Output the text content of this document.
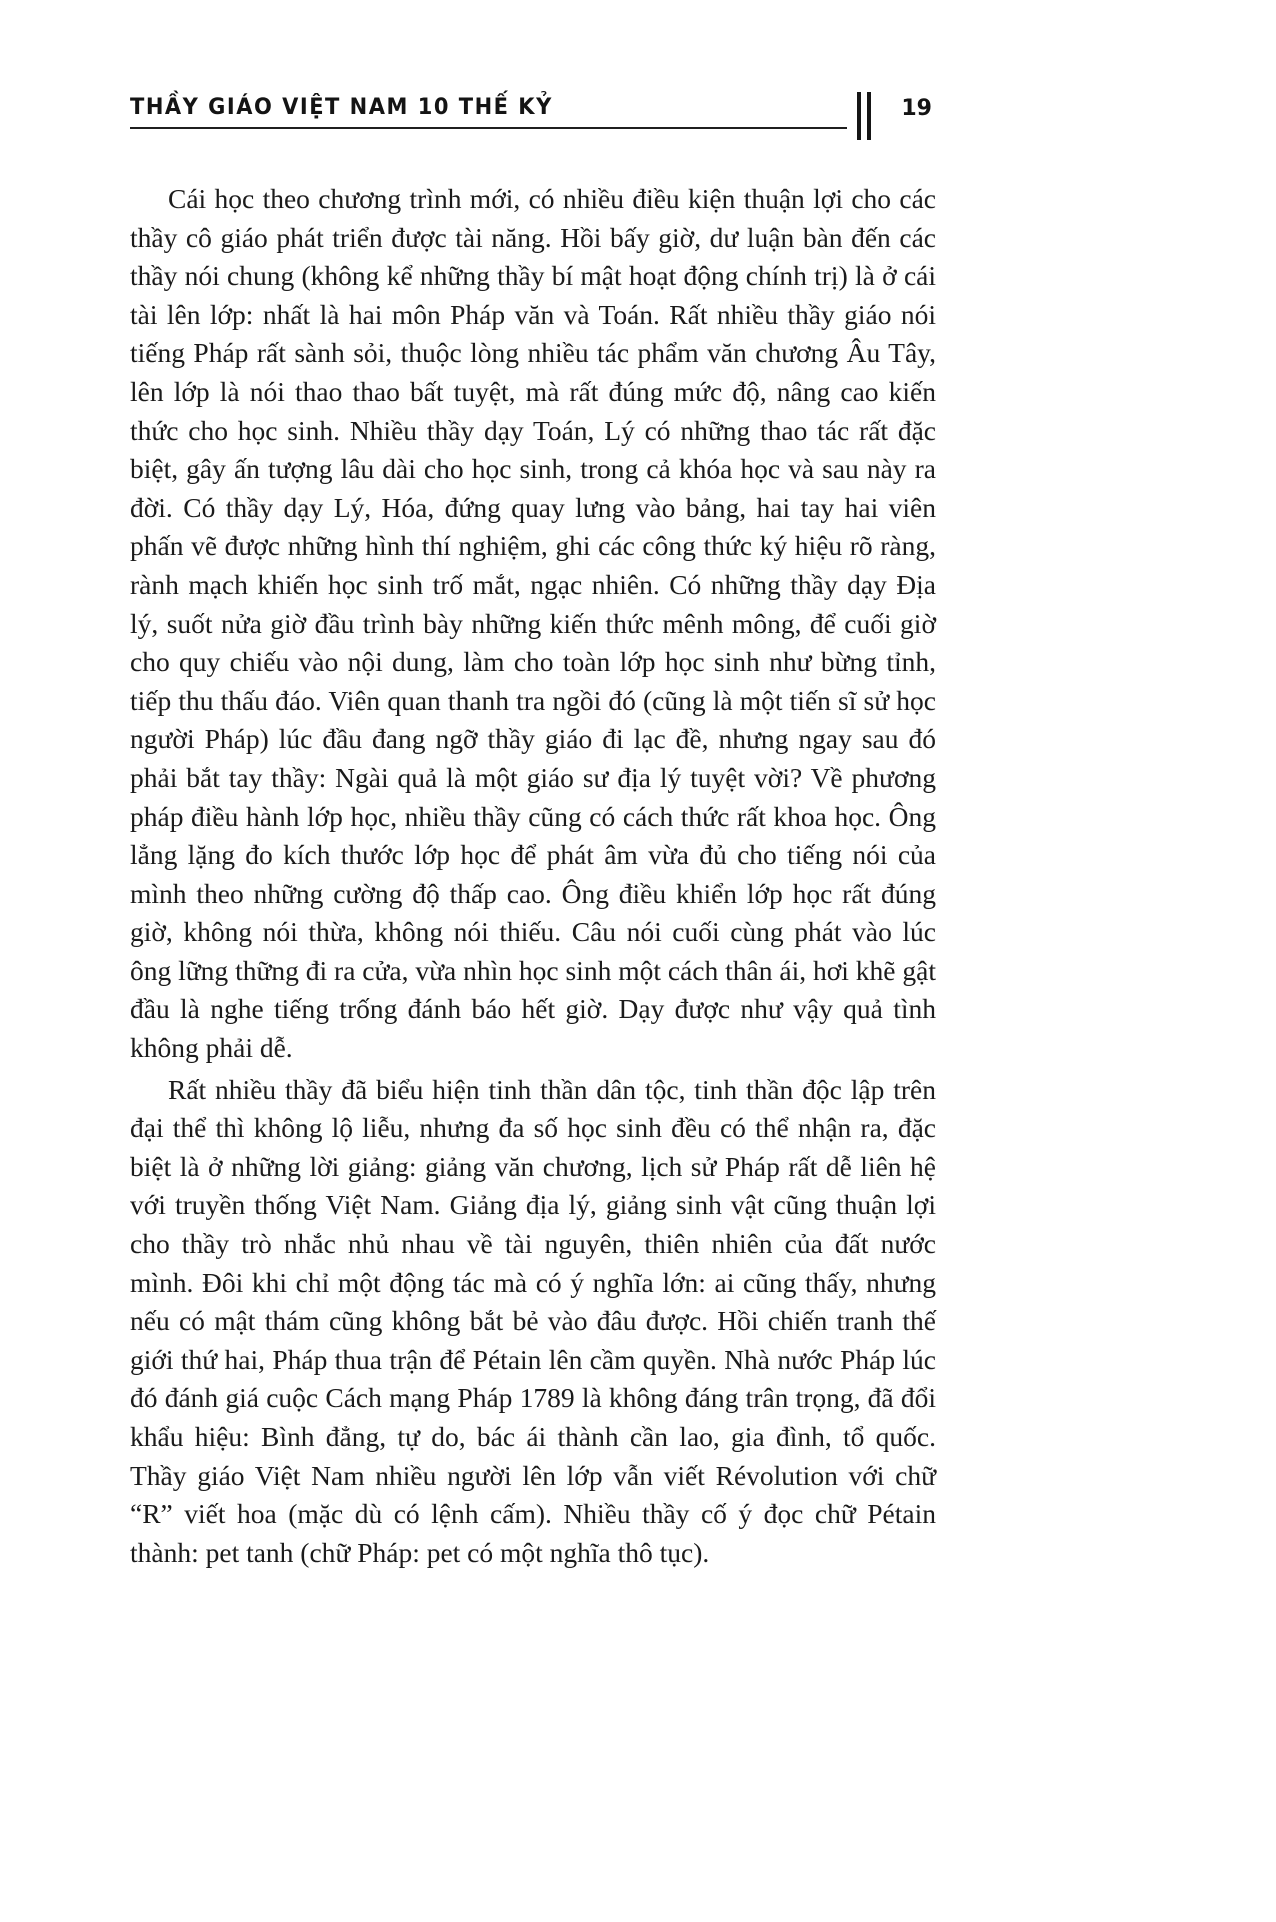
THẦY GIÁO VIỆT NAM 10 THẾ KỶ	19

Cái học theo chương trình mới, có nhiều điều kiện thuận lợi cho các thầy cô giáo phát triển được tài năng. Hồi bấy giờ, dư luận bàn đến các thầy nói chung (không kể những thầy bí mật hoạt động chính trị) là ở cái tài lên lớp: nhất là hai môn Pháp văn và Toán. Rất nhiều thầy giáo nói tiếng Pháp rất sành sỏi, thuộc lòng nhiều tác phẩm văn chương Âu Tây, lên lớp là nói thao thao bất tuyệt, mà rất đúng mức độ, nâng cao kiến thức cho học sinh. Nhiều thầy dạy Toán, Lý có những thao tác rất đặc biệt, gây ấn tượng lâu dài cho học sinh, trong cả khóa học và sau này ra đời. Có thầy dạy Lý, Hóa, đứng quay lưng vào bảng, hai tay hai viên phấn vẽ được những hình thí nghiệm, ghi các công thức ký hiệu rõ ràng, rành mạch khiến học sinh trố mắt, ngạc nhiên. Có những thầy dạy Địa lý, suốt nửa giờ đầu trình bày những kiến thức mênh mông, để cuối giờ cho quy chiếu vào nội dung, làm cho toàn lớp học sinh như bừng tỉnh, tiếp thu thấu đáo. Viên quan thanh tra ngồi đó (cũng là một tiến sĩ sử học người Pháp) lúc đầu đang ngỡ thầy giáo đi lạc đề, nhưng ngay sau đó phải bắt tay thầy: Ngài quả là một giáo sư địa lý tuyệt vời? Về phương pháp điều hành lớp học, nhiều thầy cũng có cách thức rất khoa học. Ông lẳng lặng đo kích thước lớp học để phát âm vừa đủ cho tiếng nói của mình theo những cường độ thấp cao. Ông điều khiển lớp học rất đúng giờ, không nói thừa, không nói thiếu. Câu nói cuối cùng phát vào lúc ông lững thững đi ra cửa, vừa nhìn học sinh một cách thân ái, hơi khẽ gật đầu là nghe tiếng trống đánh báo hết giờ. Dạy được như vậy quả tình không phải dễ.

Rất nhiều thầy đã biểu hiện tinh thần dân tộc, tinh thần độc lập trên đại thể thì không lộ liễu, nhưng đa số học sinh đều có thể nhận ra, đặc biệt là ở những lời giảng: giảng văn chương, lịch sử Pháp rất dễ liên hệ với truyền thống Việt Nam. Giảng địa lý, giảng sinh vật cũng thuận lợi cho thầy trò nhắc nhủ nhau về tài nguyên, thiên nhiên của đất nước mình. Đôi khi chỉ một động tác mà có ý nghĩa lớn: ai cũng thấy, nhưng nếu có mật thám cũng không bắt bẻ vào đâu được. Hồi chiến tranh thế giới thứ hai, Pháp thua trận để Pétain lên cầm quyền. Nhà nước Pháp lúc đó đánh giá cuộc Cách mạng Pháp 1789 là không đáng trân trọng, đã đổi khẩu hiệu: Bình đẳng, tự do, bác ái thành cần lao, gia đình, tổ quốc. Thầy giáo Việt Nam nhiều người lên lớp vẫn viết Révolution với chữ “R” viết hoa (mặc dù có lệnh cấm). Nhiều thầy cố ý đọc chữ Pétain thành: pet tanh (chữ Pháp: pet có một nghĩa thô tục).
